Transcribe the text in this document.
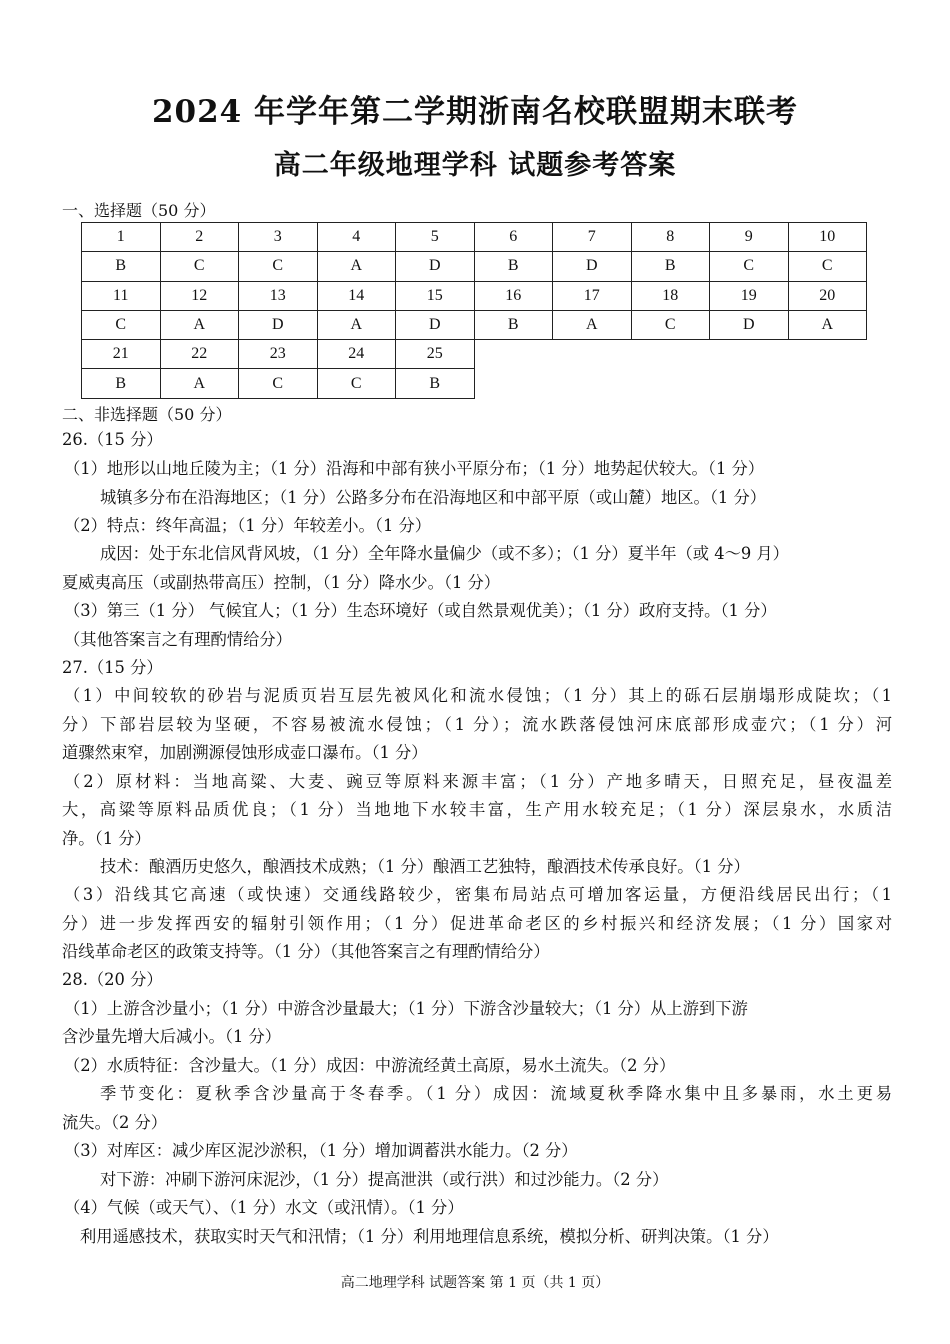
2024 年学年第二学期浙南名校联盟期末联考
高二年级地理学科 试题参考答案
一、选择题（50 分）
1	2	3	4	5	6	7	8	9	10
B	C	C	A	D	B	D	B	C	C
11	12	13	14	15	16	17	18	19	20
C	A	D	A	D	B	A	C	D	A
21	22	23	24	25					
B	A	C	C	B					
二、非选择题（50 分）
26.（15 分）
（1）地形以山地丘陵为主；（1 分）沿海和中部有狭小平原分布；（1 分）地势起伏较大。（1 分）
城镇多分布在沿海地区；（1 分）公路多分布在沿海地区和中部平原（或山麓）地区。（1 分）
（2）特点：终年高温；（1 分）年较差小。（1 分）
成因：处于东北信风背风坡，（1 分）全年降水量偏少（或不多）；（1 分）夏半年（或 4～9 月）
夏威夷高压（或副热带高压）控制，（1 分）降水少。（1 分）
（3）第三（1 分） 气候宜人；（1 分）生态环境好（或自然景观优美）；（1 分）政府支持。（1 分）
（其他答案言之有理酌情给分）
27.（15 分）
（1）中间较软的砂岩与泥质页岩互层先被风化和流水侵蚀；（1 分）其上的砾石层崩塌形成陡坎；（1
分）下部岩层较为坚硬，不容易被流水侵蚀；（1 分）；流水跌落侵蚀河床底部形成壶穴；（1 分）河
道骤然束窄，加剧溯源侵蚀形成壶口瀑布。（1 分）
（2）原材料：当地高粱、大麦、豌豆等原料来源丰富；（1 分）产地多晴天，日照充足，昼夜温差
大，高粱等原料品质优良；（1 分）当地地下水较丰富，生产用水较充足；（1 分）深层泉水，水质洁
净。（1 分）
技术：酿酒历史悠久，酿酒技术成熟；（1 分）酿酒工艺独特，酿酒技术传承良好。（1 分）
（3）沿线其它高速（或快速）交通线路较少，密集布局站点可增加客运量，方便沿线居民出行；（1
分）进一步发挥西安的辐射引领作用；（1 分）促进革命老区的乡村振兴和经济发展；（1 分）国家对
沿线革命老区的政策支持等。（1 分）（其他答案言之有理酌情给分）
28.（20 分）
（1）上游含沙量小；（1 分）中游含沙量最大；（1 分）下游含沙量较大；（1 分）从上游到下游
含沙量先增大后减小。（1 分）
（2）水质特征：含沙量大。（1 分）成因：中游流经黄土高原，易水土流失。（2 分）
季节变化：夏秋季含沙量高于冬春季。（1 分）成因：流域夏秋季降水集中且多暴雨，水土更易
流失。（2 分）
（3）对库区：减少库区泥沙淤积，（1 分）增加调蓄洪水能力。（2 分）
对下游：冲刷下游河床泥沙，（1 分）提高泄洪（或行洪）和过沙能力。（2 分）
（4）气候（或天气）、（1 分）水文（或汛情）。（1 分）
利用遥感技术，获取实时天气和汛情；（1 分）利用地理信息系统，模拟分析、研判决策。（1 分）
高二地理学科 试题答案 第 1 页（共 1 页）
